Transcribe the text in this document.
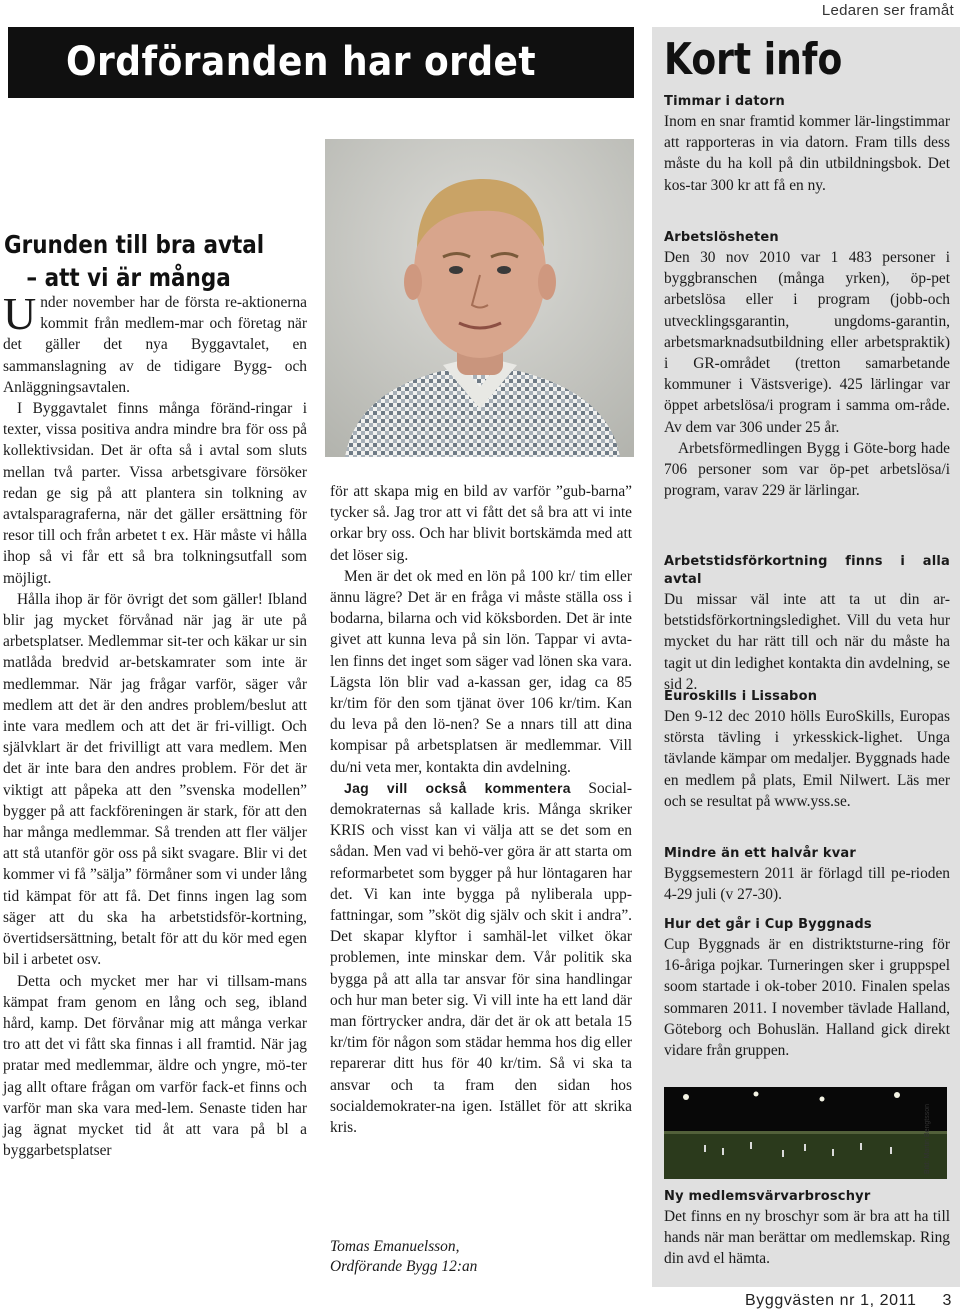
Ledaren ser framåt
Ordföranden har ordet	Kort info
Grunden till bra avtal
– att vi är många

Under november har de första re-aktionerna kommit från medlem-mar och företag när det gäller det nya Byggavtalet, en sammanslagning av de tidigare Bygg- och Anläggningsavtalen.

I Byggavtalet finns många föränd-ringar i texter, vissa positiva andra mindre bra för oss på kollektivsidan. Det är ofta så i avtal som sluts mellan två parter. Vissa arbetsgivare försöker redan ge sig på att plantera sin tolkning av avtalsparagraferna, när det gäller ersättning för resor till och från arbetet t ex. Här måste vi hålla ihop så vi får ett så bra tolkningsutfall som möjligt.

Hålla ihop är för övrigt det som gäller! Ibland blir jag mycket förvånad när jag är ute på arbetsplatser. Medlemmar sit-ter och käkar ur sin matlåda bredvid ar-betskamrater som inte är medlemmar. När jag frågar varför, säger vår medlem att det är den andres problem/beslut att inte vara medlem och att det är fri-villigt. Och självklart är det frivilligt att vara medlem. Men det är inte bara den andres problem. För det är viktigt att påpeka att den ”svenska modellen” bygger på att fackföreningen är stark, för att den har många medlemmar. Så trenden att fler väljer att stå utanför gör oss på sikt svagare. Blir vi det kommer vi få ”sälja” förmåner som vi under lång tid kämpat för att få. Det finns ingen lag som säger att du ska ha arbetstidsför-kortning, övertidsersättning, betalt för att du kör med egen bil i arbetet osv.

Detta och mycket mer har vi tillsam-mans kämpat fram genom en lång och seg, ibland hård, kamp. Det förvånar mig att många verkar tro att det vi fått ska finnas i all framtid. När jag pratar med medlemmar, äldre och yngre, mö-ter jag allt oftare frågan om varför fack-et finns och varför man ska vara med-lem. Senaste tiden har jag ägnat mycket tid åt att vara på bl a byggarbetsplatser

för att skapa mig en bild av varför ”gub-barna” tycker så. Jag tror att vi fått det så bra att vi inte orkar bry oss. Och har blivit bortskämda med att det löser sig.

Men är det ok med en lön på 100 kr/ tim eller ännu lägre? Det är en fråga vi måste ställa oss i bodarna, bilarna och vid köksborden. Det är inte givet att kunna leva på sin lön. Tappar vi avta-len finns det inget som säger vad lönen ska vara. Lägsta lön blir vad a-kassan ger, idag ca 85 kr/tim för den som tjänat över 106 kr/tim. Kan du leva på den lö-nen? Se a nnars till att dina kompisar på arbetsplatsen är medlemmar. Vill du/ni veta mer, kontakta din avdelning.

Jag vill också kommentera Social-demokraternas så kallade kris. Många skriker KRIS och visst kan vi välja att se det som en sådan. Men vad vi behö-ver göra är att starta om reformarbetet som bygger på hur löntagaren har det. Vi kan inte bygga på nyliberala upp-fattningar, som ”sköt dig själv och skit i andra”. Det skapar klyftor i samhäl-let vilket ökar problemen, inte minskar dem. Vår politik ska bygga på att alla tar ansvar för sina handlingar och hur man beter sig. Vi vill inte ha ett land där man förtrycker andra, där det är ok att betala 15 kr/tim för någon som städar hemma hos dig eller reparerar ditt hus för 40 kr/tim. Så vi ska ta ansvar och ta fram den sidan hos socialdemokrater-na igen. Istället för att skrika kris.

Tomas Emanuelsson,
Ordförande Bygg 12:an
Timmar i datorn

Inom en snar framtid kommer lär-lingstimmar att rapporteras in via datorn. Fram tills dess måste du ha koll på din utbildningsbok. Det kos-tar 300 kr att få en ny.

Arbetslösheten

Den 30 nov 2010 var 1 483 personer i byggbranschen (många yrken), öp-pet arbetslösa eller i program (jobb-och utvecklingsgarantin, ungdoms-garantin, arbetsmarknadsutbildning eller arbetspraktik) i GR-området (tretton samarbetande kommuner i Västsverige). 425 lärlingar var öppet arbetslösa/i program i samma om-råde. Av dem var 306 under 25 år.

Arbetsförmedlingen Bygg i Göte-borg hade 706 personer som var öp-pet arbetslösa/i program, varav 229 är lärlingar.

Arbetstidsförkortning finns i alla avtal

Du missar väl inte att ta ut din ar-betstidsförkortningsledighet. Vill du veta hur mycket du har rätt till och när du måste ha tagit ut din ledighet kontakta din avdelning, se sid 2.

Euroskills i Lissabon

Den 9-12 dec 2010 hölls EuroSkills, Europas största tävling i yrkesskick-lighet. Unga tävlande kämpar om medaljer. Byggnads hade en medlem på plats, Emil Nilwert. Läs mer och se resultat på www.yss.se.

Mindre än ett halvår kvar

Byggsemestern 2011 är förlagd till pe-rioden 4-29 juli (v 27-30).

Hur det går i Cup Byggnads

Cup Byggnads är en distriktsturne-ring för 16-åriga pojkar. Turneringen sker i gruppspel soom startade i ok-tober 2010. Finalen spelas sommaren 2011. I november tävlade Halland, Göteborg och Bohuslän. Halland gick direkt vidare från gruppen.

Bild: Martin Bengtsson
Ny medlemsvärvarbroschyr

Det finns en ny broschyr som är bra att ha till hands när man berättar om medlemskap. Ring din avd el hämta.

Byggvästen nr 1, 2011 3
